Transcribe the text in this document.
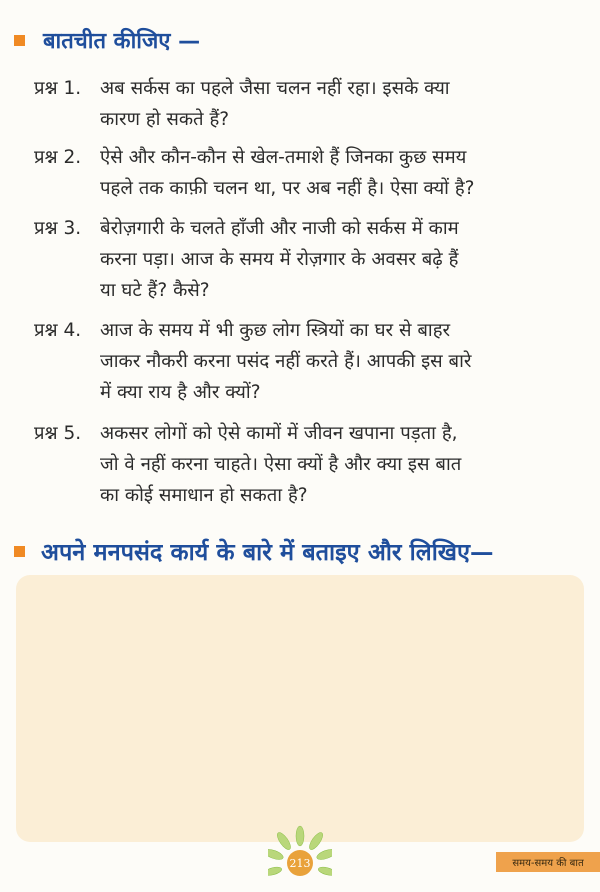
बातचीत कीजिए —
प्रश्न 1. अब सर्कस का पहले जैसा चलन नहीं रहा। इसके क्या
कारण हो सकते हैं?
प्रश्न 2. ऐसे और कौन-कौन से खेल-तमाशे हैं जिनका कुछ समय
पहले तक काफ़ी चलन था, पर अब नहीं है। ऐसा क्यों है?
प्रश्न 3. बेरोज़गारी के चलते हाँजी और नाजी को सर्कस में काम
करना पड़ा। आज के समय में रोज़गार के अवसर बढ़े हैं
या घटे हैं? कैसे?
प्रश्न 4. आज के समय में भी कुछ लोग स्त्रियों का घर से बाहर
जाकर नौकरी करना पसंद नहीं करते हैं। आपकी इस बारे
में क्या राय है और क्यों?
प्रश्न 5. अकसर लोगों को ऐसे कामों में जीवन खपाना पड़ता है,
जो वे नहीं करना चाहते। ऐसा क्यों है और क्या इस बात
का कोई समाधान हो सकता है?
अपने मनपसंद कार्य के बारे में बताइए और लिखिए—
213	समय-समय की बात
